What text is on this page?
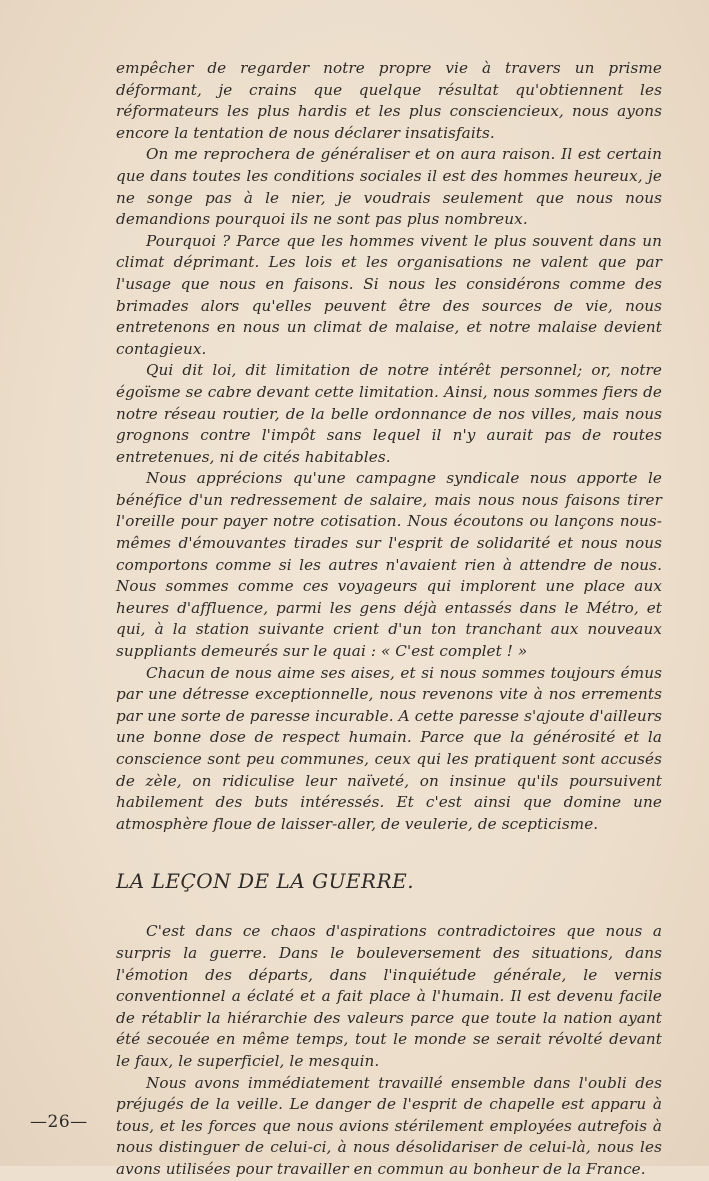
empêcher de regarder notre propre vie à travers un prisme déformant, je crains que quelque résultat qu'obtiennent les réformateurs les plus hardis et les plus consciencieux, nous ayons encore la tentation de nous déclarer insatisfaits.

On me reprochera de généraliser et on aura raison. Il est certain que dans toutes les conditions sociales il est des hommes heureux, je ne songe pas à le nier, je voudrais seulement que nous nous demandions pourquoi ils ne sont pas plus nombreux.

Pourquoi ? Parce que les hommes vivent le plus souvent dans un climat déprimant. Les lois et les organisations ne valent que par l'usage que nous en faisons. Si nous les considérons comme des brimades alors qu'elles peuvent être des sources de vie, nous entretenons en nous un climat de malaise, et notre malaise devient contagieux.

Qui dit loi, dit limitation de notre intérêt personnel; or, notre égoïsme se cabre devant cette limitation. Ainsi, nous sommes fiers de notre réseau routier, de la belle ordonnance de nos villes, mais nous grognons contre l'impôt sans lequel il n'y aurait pas de routes entretenues, ni de cités habitables.

Nous apprécions qu'une campagne syndicale nous apporte le bénéfice d'un redressement de salaire, mais nous nous faisons tirer l'oreille pour payer notre cotisation. Nous écoutons ou lançons nous-mêmes d'émouvantes tirades sur l'esprit de solidarité et nous nous comportons comme si les autres n'avaient rien à attendre de nous. Nous sommes comme ces voyageurs qui implorent une place aux heures d'affluence, parmi les gens déjà entassés dans le Métro, et qui, à la station suivante crient d'un ton tranchant aux nouveaux suppliants demeurés sur le quai : « C'est complet ! »

Chacun de nous aime ses aises, et si nous sommes toujours émus par une détresse exceptionnelle, nous revenons vite à nos errements par une sorte de paresse incurable. A cette paresse s'ajoute d'ailleurs une bonne dose de respect humain. Parce que la générosité et la conscience sont peu communes, ceux qui les pratiquent sont accusés de zèle, on ridiculise leur naïveté, on insinue qu'ils poursuivent habilement des buts intéressés. Et c'est ainsi que domine une atmosphère floue de laisser-aller, de veulerie, de scepticisme.

LA LEÇON DE LA GUERRE.

C'est dans ce chaos d'aspirations contradictoires que nous a surpris la guerre. Dans le bouleversement des situations, dans l'émotion des départs, dans l'inquiétude générale, le vernis conventionnel a éclaté et a fait place à l'humain. Il est devenu facile de rétablir la hiérarchie des valeurs parce que toute la nation ayant été secouée en même temps, tout le monde se serait révolté devant le faux, le superficiel, le mesquin.

Nous avons immédiatement travaillé ensemble dans l'oubli des préjugés de la veille. Le danger de l'esprit de chapelle est apparu à tous, et les forces que nous avions stérilement employées autrefois à nous distinguer de celui-ci, à nous désolidariser de celui-là, nous les avons utilisées pour travailler en commun au bonheur de la France.

—26—
